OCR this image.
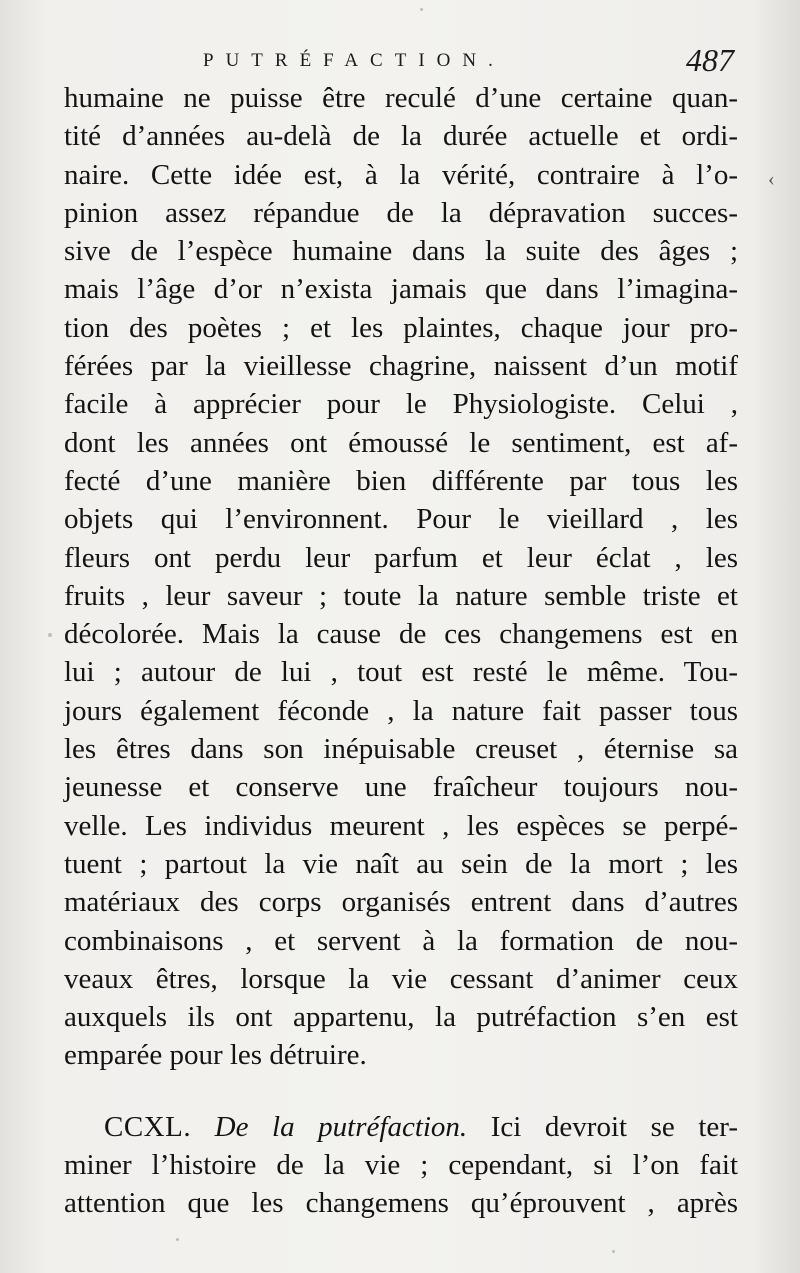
PUTRÉFACTION.	487
‹
humaine ne puisse être reculé d’une certaine quan-
tité d’années au-delà de la durée actuelle et ordi-
naire. Cette idée est, à la vérité, contraire à l’o-
pinion assez répandue de la dépravation succes-
sive de l’espèce humaine dans la suite des âges ;
mais l’âge d’or n’exista jamais que dans l’imagina-
tion des poètes ; et les plaintes, chaque jour pro-
férées par la vieillesse chagrine, naissent d’un motif
facile à apprécier pour le Physiologiste. Celui ,
dont les années ont émoussé le sentiment, est af-
fecté d’une manière bien différente par tous les
objets qui l’environnent. Pour le vieillard , les
fleurs ont perdu leur parfum et leur éclat , les
fruits , leur saveur ; toute la nature semble triste et
décolorée. Mais la cause de ces changemens est en
lui ; autour de lui , tout est resté le même. Tou-
jours également féconde , la nature fait passer tous
les êtres dans son inépuisable creuset , éternise sa
jeunesse et conserve une fraîcheur toujours nou-
velle. Les individus meurent , les espèces se perpé-
tuent ; partout la vie naît au sein de la mort ; les
matériaux des corps organisés entrent dans d’autres
combinaisons , et servent à la formation de nou-
veaux êtres, lorsque la vie cessant d’animer ceux
auxquels ils ont appartenu, la putréfaction s’en est
emparée pour les détruire.
CCXL. De la putréfaction. Ici devroit se ter-
miner l’histoire de la vie ; cependant, si l’on fait
attention que les changemens qu’éprouvent , après
